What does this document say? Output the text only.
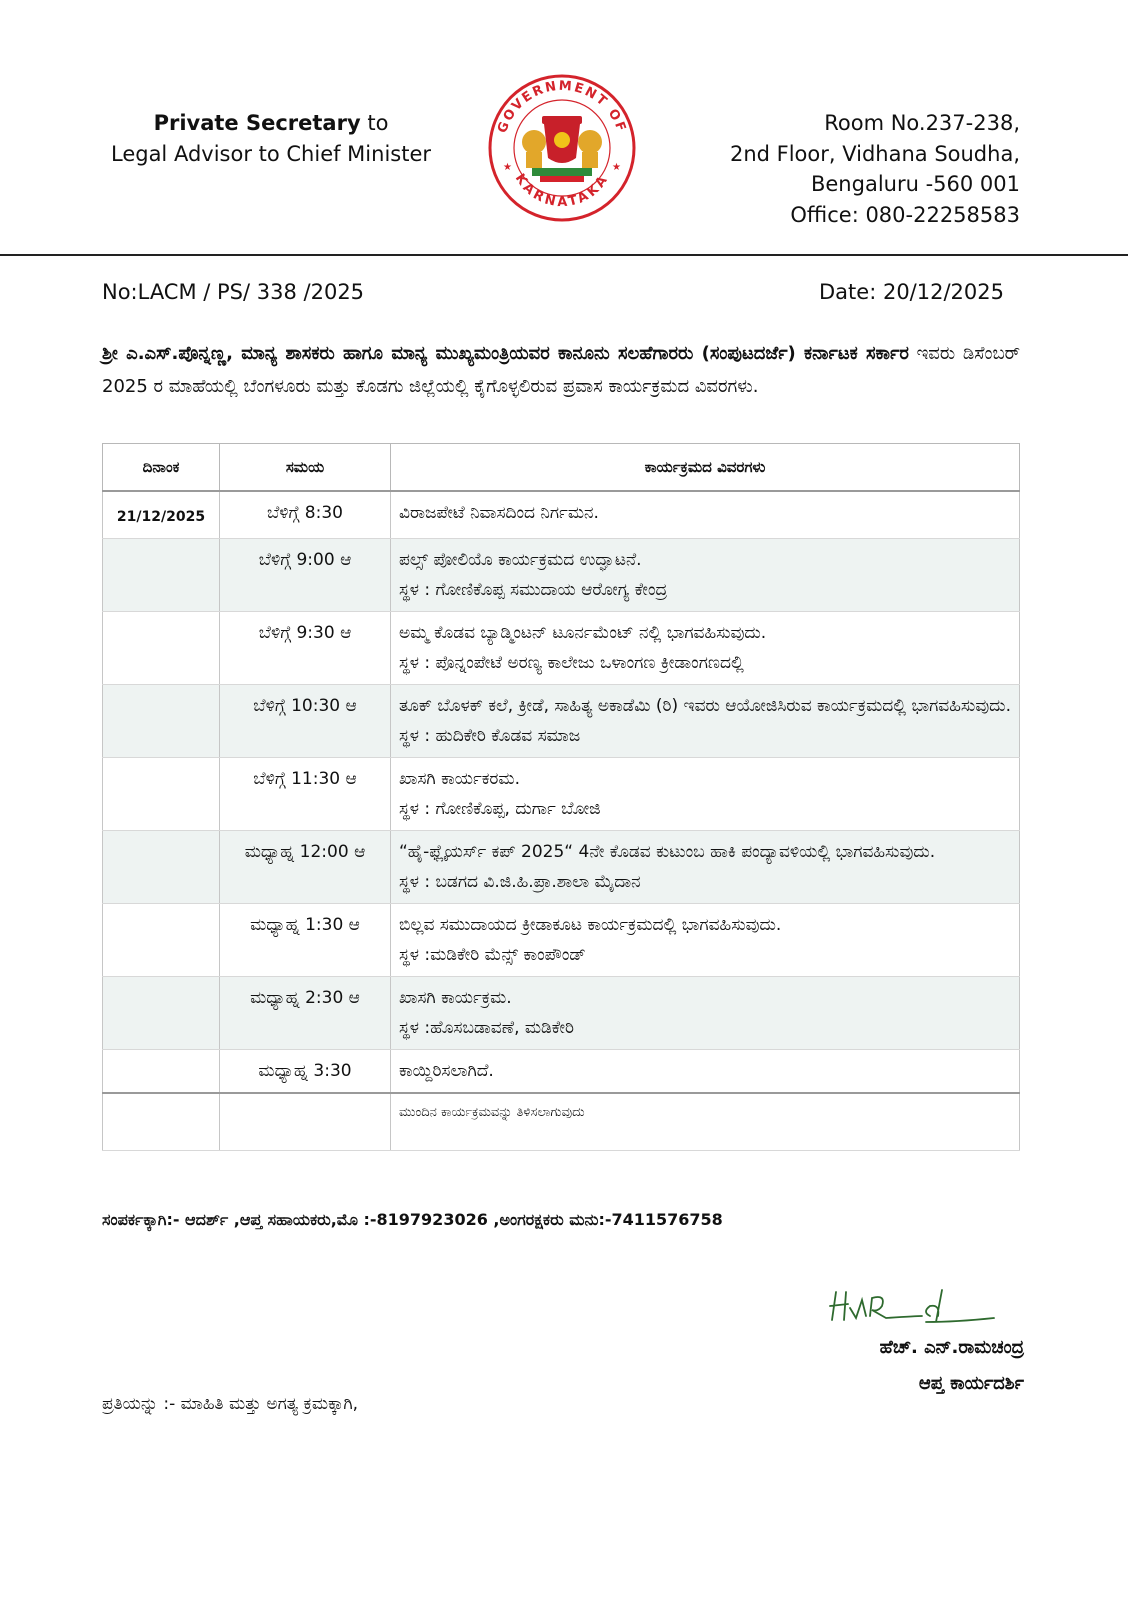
Private Secretary to
Legal Advisor to Chief Minister
GOVERNMENT OF
KARNATAKA
★	★
Room No.237-238,
2nd Floor, Vidhana Soudha,
Bengaluru -560 001
Office: 080-22258583
No:LACM / PS/ 338 /2025	Date: 20/12/2025
ಶ್ರೀ ಎ.ಎಸ್.ಪೊನ್ನಣ್ಣ, ಮಾನ್ಯ ಶಾಸಕರು ಹಾಗೂ ಮಾನ್ಯ ಮುಖ್ಯಮಂತ್ರಿಯವರ ಕಾನೂನು ಸಲಹೆಗಾರರು (ಸಂಪುಟದರ್ಜೆ) ಕರ್ನಾಟಕ ಸರ್ಕಾರ ಇವರು ಡಿಸೆಂಬರ್ 2025 ರ ಮಾಹೆಯಲ್ಲಿ ಬೆಂಗಳೂರು ಮತ್ತು ಕೊಡಗು ಜಿಲ್ಲೆಯಲ್ಲಿ ಕೈಗೊಳ್ಳಲಿರುವ ಪ್ರವಾಸ ಕಾರ್ಯಕ್ರಮದ ವಿವರಗಳು.
ದಿನಾಂಕ	ಸಮಯ	ಕಾರ್ಯಕ್ರಮದ ವಿವರಗಳು
21/12/2025	ಬೆಳಿಗ್ಗೆ 8:30	ವಿರಾಜಪೇಟೆ ನಿವಾಸದಿಂದ ನಿರ್ಗಮನ.

	ಬೆಳಿಗ್ಗೆ 9:00 ಆ	ಪಲ್ಸ್ ಪೋಲಿಯೊ ಕಾರ್ಯಕ್ರಮದ ಉದ್ಘಾಟನೆ.
ಸ್ಥಳ : ಗೋಣಿಕೊಪ್ಪ ಸಮುದಾಯ ಆರೋಗ್ಯ ಕೇಂದ್ರ

	ಬೆಳಿಗ್ಗೆ 9:30 ಆ	ಅಮ್ಮ ಕೊಡವ ಬ್ಯಾಡ್ಮಿಂಟನ್ ಟೂರ್ನಮೆಂಟ್ ನಲ್ಲಿ ಭಾಗವಹಿಸುವುದು.
ಸ್ಥಳ : ಪೊನ್ನಂಪೇಟೆ ಅರಣ್ಯ ಕಾಲೇಜು ಒಳಾಂಗಣ ಕ್ರೀಡಾಂಗಣದಲ್ಲಿ

	ಬೆಳಿಗ್ಗೆ 10:30 ಆ	ತೂಕ್ ಬೊಳಕ್ ಕಲೆ, ಕ್ರೀಡೆ, ಸಾಹಿತ್ಯ ಅಕಾಡೆಮಿ (ರಿ) ಇವರು ಆಯೋಜಿಸಿರುವ ಕಾರ್ಯಕ್ರಮದಲ್ಲಿ ಭಾಗವಹಿಸುವುದು.
ಸ್ಥಳ : ಹುದಿಕೇರಿ ಕೊಡವ ಸಮಾಜ

	ಬೆಳಿಗ್ಗೆ 11:30 ಆ	ಖಾಸಗಿ ಕಾರ್ಯಕರಮ.
ಸ್ಥಳ : ಗೋಣಿಕೊಪ್ಪ, ದುರ್ಗಾ ಬೋಜಿ

	ಮಧ್ಯಾಹ್ನ 12:00 ಆ	“ಹೈ-ಫ್ಲೈಯರ್ಸ್ ಕಪ್ 2025“ 4ನೇ ಕೊಡವ ಕುಟುಂಬ ಹಾಕಿ ಪಂದ್ಯಾವಳಿಯಲ್ಲಿ ಭಾಗವಹಿಸುವುದು.
ಸ್ಥಳ : ಬಡಗದ ವಿ.ಜಿ.ಹಿ.ಪ್ರಾ.ಶಾಲಾ ಮೈದಾನ

	ಮಧ್ಯಾಹ್ನ 1:30 ಆ	ಬಿಲ್ಲವ ಸಮುದಾಯದ ಕ್ರೀಡಾಕೂಟ ಕಾರ್ಯಕ್ರಮದಲ್ಲಿ ಭಾಗವಹಿಸುವುದು.
ಸ್ಥಳ :ಮಡಿಕೇರಿ ಮೆನ್ಸ್ ಕಾಂಪೌಂಡ್

	ಮಧ್ಯಾಹ್ನ 2:30 ಆ	ಖಾಸಗಿ ಕಾರ್ಯಕ್ರಮ.
ಸ್ಥಳ :ಹೊಸಬಡಾವಣೆ, ಮಡಿಕೇರಿ

	ಮಧ್ಯಾಹ್ನ 3:30	ಕಾಯ್ದಿರಿಸಲಾಗಿದೆ.

		ಮುಂದಿನ ಕಾರ್ಯಕ್ರಮವನ್ನು ತಿಳಿಸಲಾಗುವುದು
ಸಂಪರ್ಕಕ್ಕಾಗಿ:- ಆದರ್ಶ್ ,ಆಪ್ತ ಸಹಾಯಕರು,ಮೊ :-8197923026 ,ಅಂಗರಕ್ಷಕರು ಮನು:-7411576758
ಹೆಚ್. ಎನ್.ರಾಮಚಂದ್ರ
ಆಪ್ತ ಕಾರ್ಯದರ್ಶಿ
ಪ್ರತಿಯನ್ನು :- ಮಾಹಿತಿ ಮತ್ತು ಅಗತ್ಯ ಕ್ರಮಕ್ಕಾಗಿ,
